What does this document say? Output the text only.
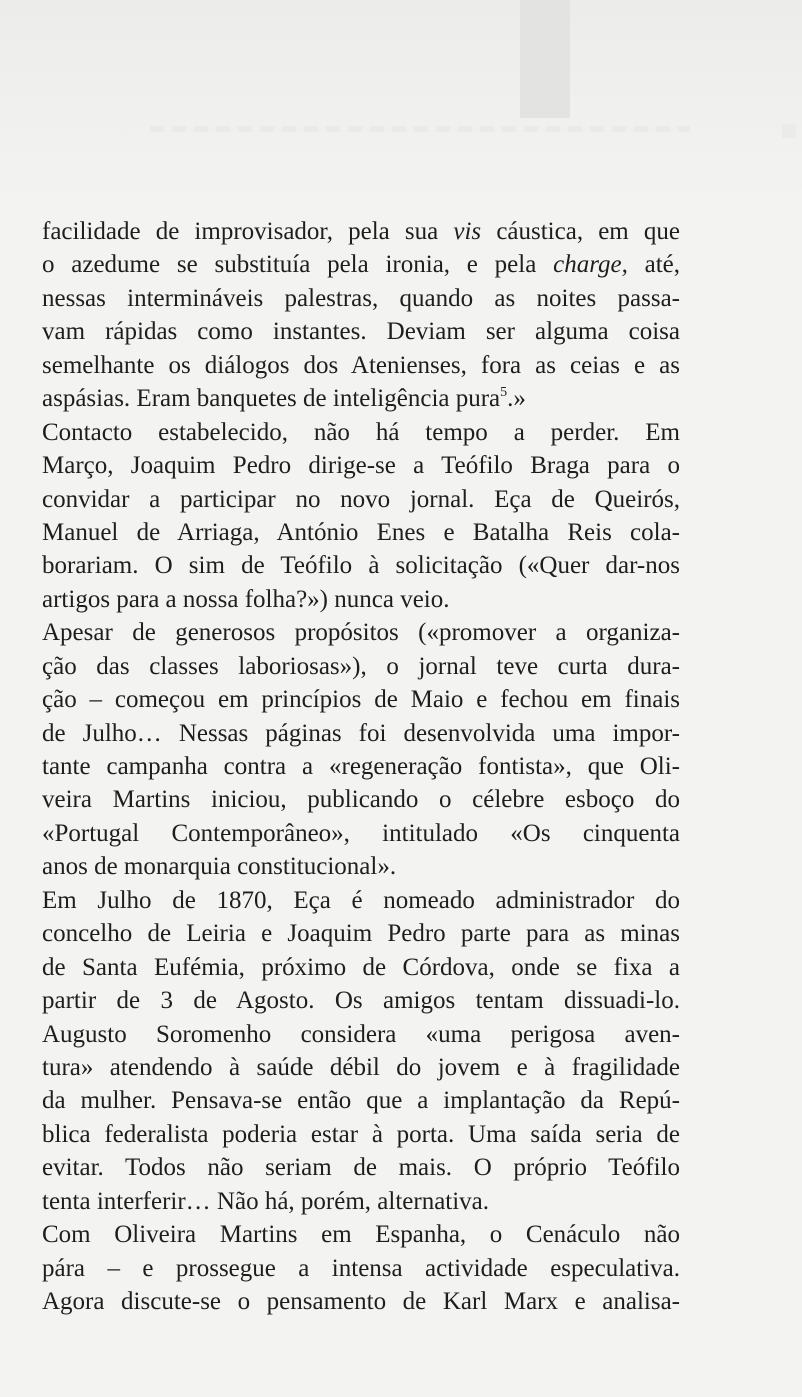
facilidade de improvisador, pela sua vis cáustica, em que
o azedume se substituía pela ironia, e pela charge, até,
nessas intermináveis palestras, quando as noites passa-
vam rápidas como instantes. Deviam ser alguma coisa
semelhante os diálogos dos Atenienses, fora as ceias e as
aspásias. Eram banquetes de inteligência pura$^5$.»
Contacto estabelecido, não há tempo a perder. Em
Março, Joaquim Pedro dirige-se a Teófilo Braga para o
convidar a participar no novo jornal. Eça de Queirós,
Manuel de Arriaga, António Enes e Batalha Reis cola-
borariam. O sim de Teófilo à solicitação («Quer dar-nos
artigos para a nossa folha?») nunca veio.
Apesar de generosos propósitos («promover a organiza-
ção das classes laboriosas»), o jornal teve curta dura-
ção – começou em princípios de Maio e fechou em finais
de Julho… Nessas páginas foi desenvolvida uma impor-
tante campanha contra a «regeneração fontista», que Oli-
veira Martins iniciou, publicando o célebre esboço do
«Portugal Contemporâneo», intitulado «Os cinquenta
anos de monarquia constitucional».
Em Julho de 1870, Eça é nomeado administrador do
concelho de Leiria e Joaquim Pedro parte para as minas
de Santa Eufémia, próximo de Córdova, onde se fixa a
partir de 3 de Agosto. Os amigos tentam dissuadi-lo.
Augusto Soromenho considera «uma perigosa aven-
tura» atendendo à saúde débil do jovem e à fragilidade
da mulher. Pensava-se então que a implantação da Repú-
blica federalista poderia estar à porta. Uma saída seria de
evitar. Todos não seriam de mais. O próprio Teófilo
tenta interferir… Não há, porém, alternativa.
Com Oliveira Martins em Espanha, o Cenáculo não
pára – e prossegue a intensa actividade especulativa.
Agora discute-se o pensamento de Karl Marx e analisa-
